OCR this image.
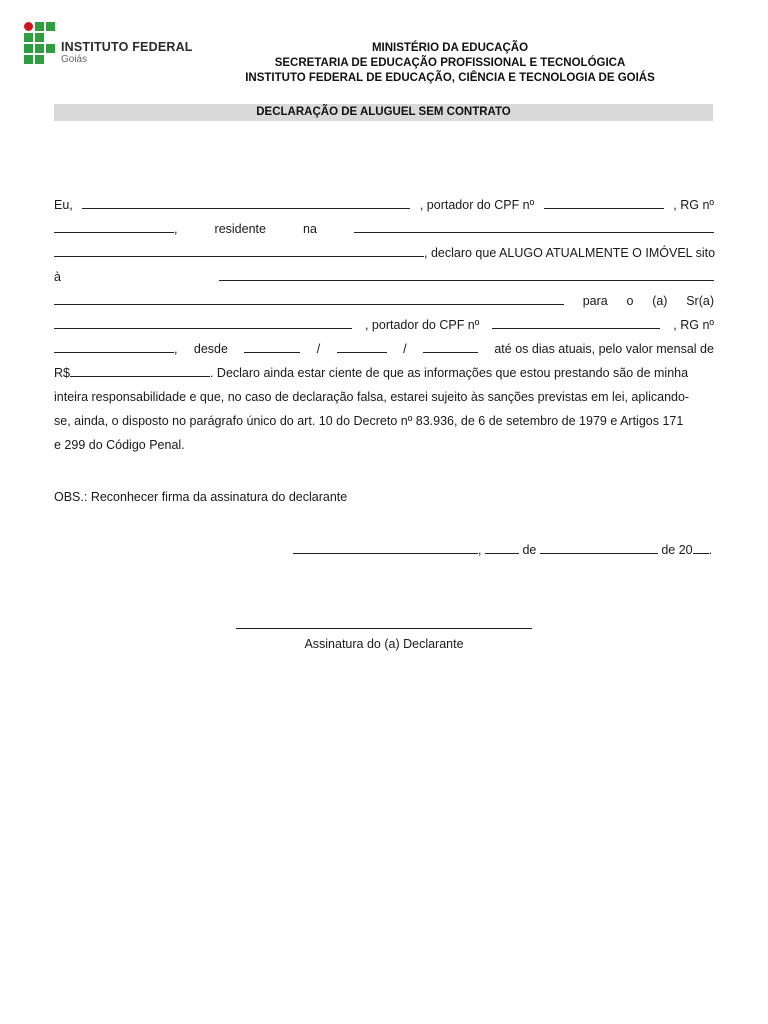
INSTITUTO FEDERAL
Goiás
MINISTÉRIO DA EDUCAÇÃO
SECRETARIA DE EDUCAÇÃO PROFISSIONAL E TECNOLÓGICA
INSTITUTO FEDERAL DE EDUCAÇÃO, CIÊNCIA E TECNOLOGIA DE GOIÁS
DECLARAÇÃO DE ALUGUEL SEM CONTRATO
Eu,	, portador do CPF nº	, RG nº
,	residente	na
, declaro que ALUGO ATUALMENTE O IMÓVEL sito
à
para o (a) Sr(a)
, portador do CPF nº	, RG nº
, desde	/	/	até os dias atuais, pelo valor mensal de
R$	. Declaro ainda estar ciente de que as informações que estou prestando são de minha
inteira responsabilidade e que, no caso de declaração falsa, estarei sujeito às sanções previstas em lei, aplicando-
se, ainda, o disposto no parágrafo único do art. 10 do Decreto nº 83.936, de 6 de setembro de 1979 e Artigos 171
e 299 do Código Penal.
OBS.: Reconhecer firma da assinatura do declarante
,	de	de 20 .
Assinatura do (a) Declarante
